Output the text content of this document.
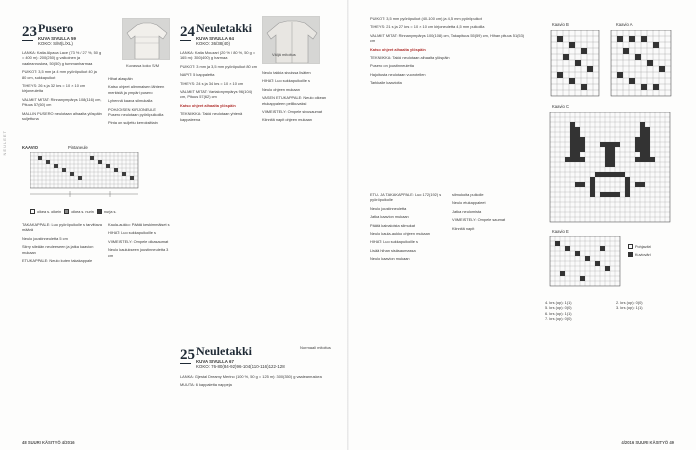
NEULEET
23 Pusero
KUVA SIVULLA 59
KOKO: S/M(L/XL)
Kuvassa koko S/M

LANKA: Katia Alpaca Lace (73 % / 27 %, 50 g = 400 m): 200(250) g valkoinen ja vaaleanruskea, 50(50) g tummanharmaa

PUIKOT: 3,5 mm ja 4 mm pyöröpuikot 40 ja 80 cm, sukkapuikot

TIHEYS: 26 s ja 32 krs = 10 × 10 cm kirjoneuletta

VALMIIT MITAT: Rinnanympärys 108(116) cm, Pituus 57(60) cm

MALLIN PUSERO neulotaan alhaalta ylöspäin suljettuna

Hihat alaspäin

Katso ohjeet alimmaisen lähteen merkistä ja ympäri pusero

Lyhennä kaava silmukalla

POHJOISEN KIRJONEULE Pusero neulotaan pyöröpuikoilla

Pinta on suljettu kerroksittain

KAAVIO	Pintaneule
oikea s. oikein	oikea s. nurin	nurja s.

TAKAKAPPALE: Luo pyöröpuikolle s tarvittava määrä

Neulo joustinneuletta 5 cm

Siirry sileään neuleeseen ja jatka kaavion mukaan

ETUKAPPALE: Neulo kuten takakappale

Kaula-aukko: Päätä keskimmäiset s

HIHAT: Luo sukkapuikoille s

VIIMEISTELY: Ompele olkasaumat

Neulo kaulukseen joustinneuletta 3 cm

24 Neuletakki
KUVA SIVULLA 64
KOKO: 36/38(40)
Väljä mitoitus

LANKA: Katia Mouzari (20 % / 80 %, 50 g = 165 m): 350(400) g harmaa

PUIKOT: 3 mm ja 3,5 mm pyöröpuikot 80 cm

NAPIT: 5 kappaletta

TIHEYS: 24 s ja 34 krs = 10 × 10 cm

VALMIIT MITAT: Vartalonympärys 96(104) cm, Pituus 57(62) cm

Katso ohjeet alhaalta ylöspäin

TEKNIIKKA: Takki neulotaan yhtenä kappaleena

Neulo takkia sivuissa lisäten

HIHAT: Luo sukkapuikoille s

Neulo ohjeen mukaan

VASEN ETUKAPPALE: Neulo oikean etukappaleen peilikuvaksi

VIIMEISTELY: Ompele sivusaumat

Kiinnitä napit ohjeen mukaan

25 Neuletakki
KUVA SIVULLA 67
KOKO: 76-80(84-92)96-104(110-116)122-128
Normaali mitoitus

LANKA: Gjestal Dreamy Merino (100 %, 50 g = 125 m): 300(350) g vaaleanruskea

MUUTA: 6 kappaletta nappeja

48 SUURI KÄSITYÖ 4/2016

PUIKOT: 3,5 mm pyöröpuikot (40-100 cm) ja 4,5 mm pyöröpuikot

TIHEYS: 21 s ja 27 krs = 10 × 10 cm kirjoneuletta 4,5 mm puikoilla

VALMIIT MITAT: Rinnanympärys 100(108) cm, Takapituus 55(59) cm, Hihan pituus 51(53) cm

Katso ohjeet alhaalta ylöspäin

TEKNIIKKA: Takki neulotaan alhaalta ylöspäin

Pusero on joustinneuletta

Hajoitusta neulotaan vuorotellen

Tarkkaile kaavioita

ETU- JA TAKAKAPPALE: Luo 172(192) s pyöröpuikolle

Neulo joustinneuletta

Jatka kaavion mukaan

Päätä kainaloista silmukat

Neulo kaula-aukko ohjeen mukaan

HIHAT: Luo sukkapuikoille s

Lisää hihan sisäsaumassa

Neulo kaavion mukaan

silmukoita puikolle

Neulo etukappaleet

Jatka neulomista

VIIMEISTELY: Ompele saumat

Kiinnitä napit

Kaavio B	Kaavio A
Kaavio C
Kaavio E
Pohjaväri
Kuvioväri
4. krs (op): 1(1)
5. krs (op): 0(0)
6. krs (op): 1(1)
7. krs (op): 0(0)
2. krs (op): 0(0)
3. krs (op): 1(1)
4/2016 SUURI KÄSITYÖ 49
